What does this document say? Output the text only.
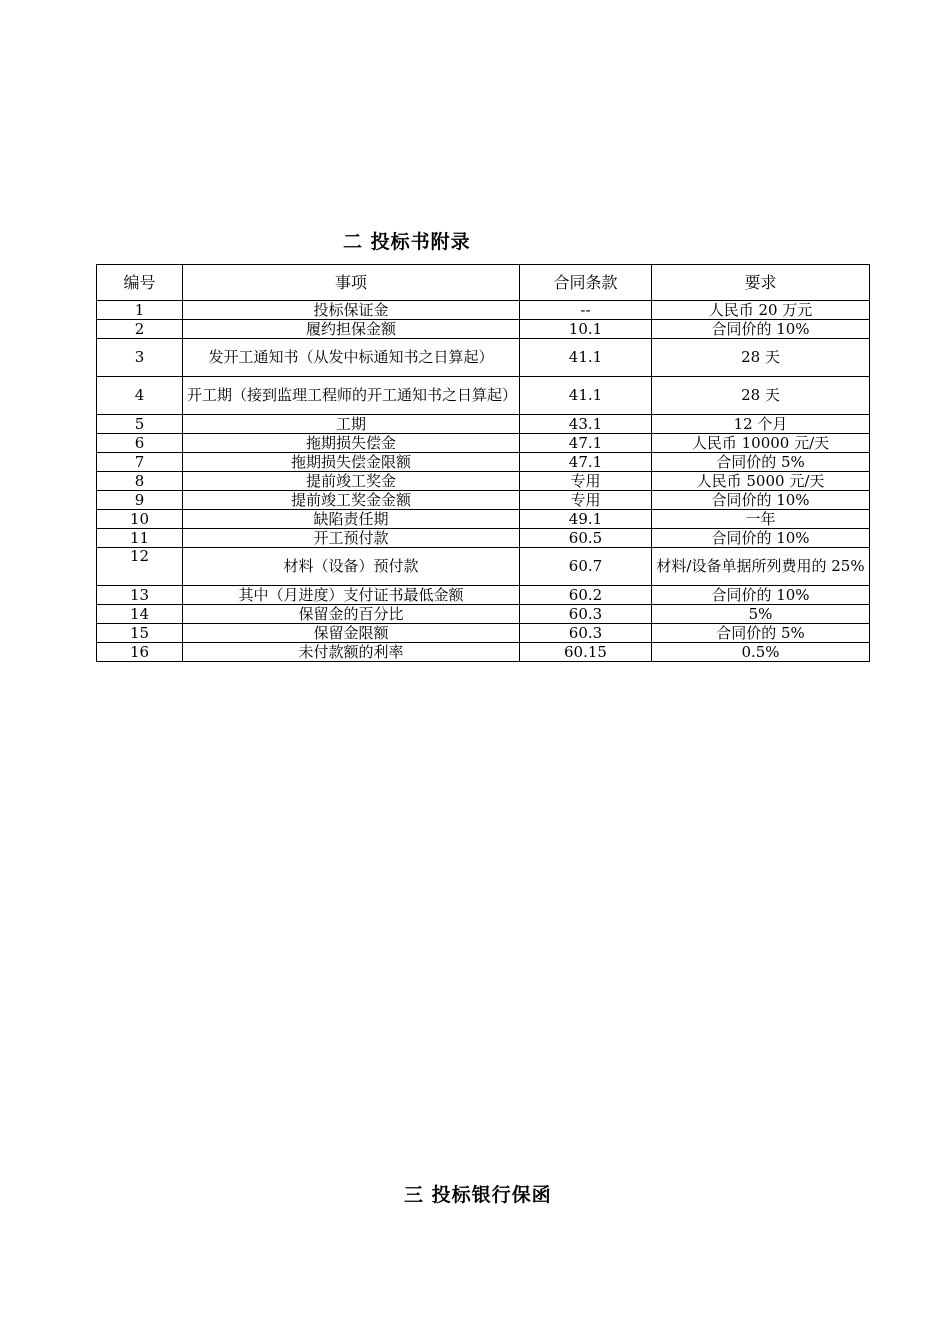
二 投标书附录
编号	事项	合同条款	要求
1	投标保证金	--	人民币 20 万元
2	履约担保金额	10.1	合同价的 10%
3	发开工通知书（从发中标通知书之日算起）	41.1	28 天
4	开工期（接到监理工程师的开工通知书之日算起）	41.1	28 天
5	工期	43.1	12 个月
6	拖期损失偿金	47.1	人民币 10000 元/天
7	拖期损失偿金限额	47.1	合同价的 5%
8	提前竣工奖金	专用	人民币 5000 元/天
9	提前竣工奖金金额	专用	合同价的 10%
10	缺陷责任期	49.1	一年
11	开工预付款	60.5	合同价的 10%
12	材料（设备）预付款	60.7	材料/设备单据所列费用的 25%
13	其中（月进度）支付证书最低金额	60.2	合同价的 10%
14	保留金的百分比	60.3	5%
15	保留金限额	60.3	合同价的 5%
16	未付款额的利率	60.15	0.5%
三 投标银行保函
